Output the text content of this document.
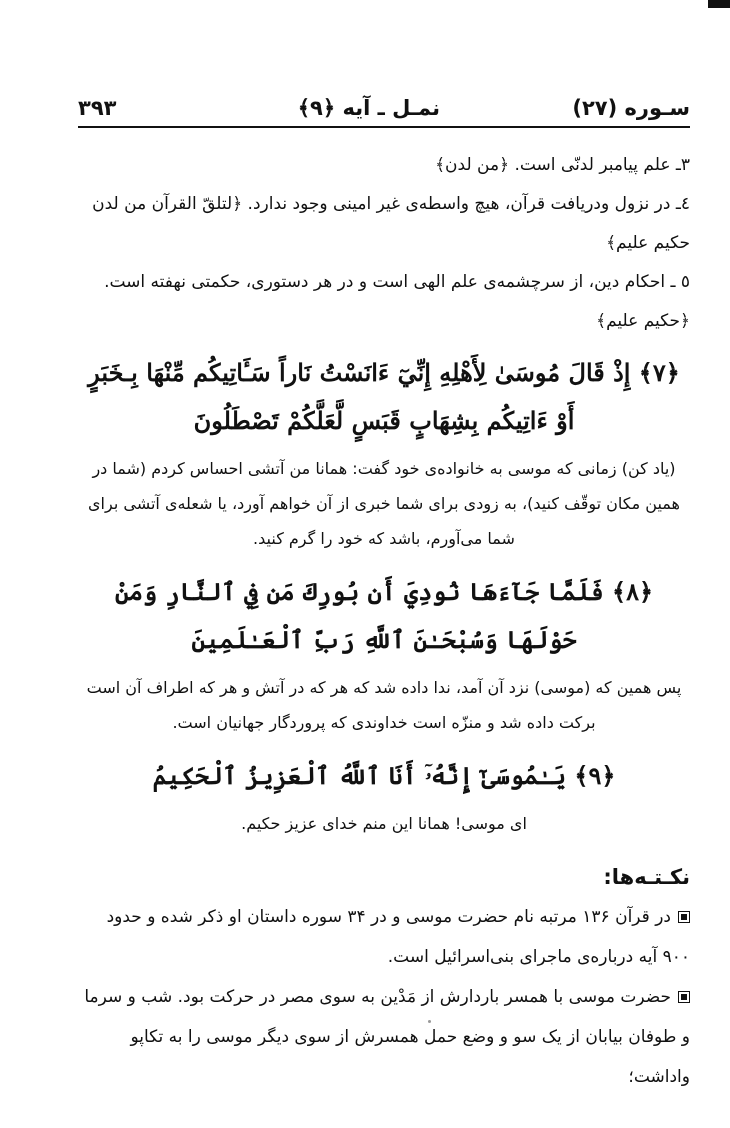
سـوره (۲۷)
نمـل ـ آیه ﴿۹﴾
۳۹۳

۳ـ علم پیامبر لدنّی است. ﴿من لدن﴾

٤ـ در نزول ودریافت قرآن، هیچ واسطه‌ی غیر امینی وجود ندارد. ﴿لتلقّ القرآن من لدن حکیم علیم﴾

٥ ـ احکام دین، از سرچشمه‌ی علم الهی است و در هر دستوری، حکمتی نهفته است. ﴿حکیم علیم﴾

﴿۷﴾ إِذْ قَالَ مُوسَىٰ لِأَهْلِهِ إِنِّيٓ ءَانَسْتُ نَاراً سَـَٔاتِيكُم مِّنْهَا بِـخَبَرٍ أَوْ ءَاتِيكُم بِشِهَابٍ قَبَسٍ لَّعَلَّكُمْ تَصْطَلُونَ
(یاد کن) زمانی که موسی به خانواده‌ی خود گفت: همانا من آتشی احساس کردم (شما در همین مکان توقّف کنید)، به زودی برای شما خبری از آن خواهم آورد، یا شعله‌ی آتشی برای شما می‌آورم، باشد که خود را گرم کنید.
﴿۸﴾ فَلَمَّا جَآءَهَا نُودِيَ أَن بُورِكَ مَن فِي ٱلنَّارِ وَمَنْ حَوْلَهَا وَسُبْحَـٰنَ ٱللَّهِ رَبِّ ٱلْعَـٰلَمِينَ
پس همین که (موسی) نزد آن آمد، ندا داده شد که هر که در آتش و هر که اطراف آن است برکت داده شد و منزّه است خداوندی که پروردگار جهانیان است.
﴿۹﴾ يَـٰمُوسَىٰٓ إِنَّهُۥٓ أَنَا ٱللَّهُ ٱلْعَزِيزُ ٱلْحَكِيمُ
ای موسی! همانا این منم خدای عزیز حکیم.
نکـتـه‌ها:

در قرآن ۱۳۶ مرتبه نام حضرت موسی و در ۳۴ سوره داستان او ذکر شده و حدود ۹۰۰ آیه درباره‌ی ماجرای بنی‌اسرائیل است.

حضرت موسی با همسر باردارش از مَدْین به سوی مصر در حرکت بود. شب و سرما و طوفان بیابان از یک سو و وضع حمل همسرش از سوی دیگر موسی را به تکاپو واداشت؛
